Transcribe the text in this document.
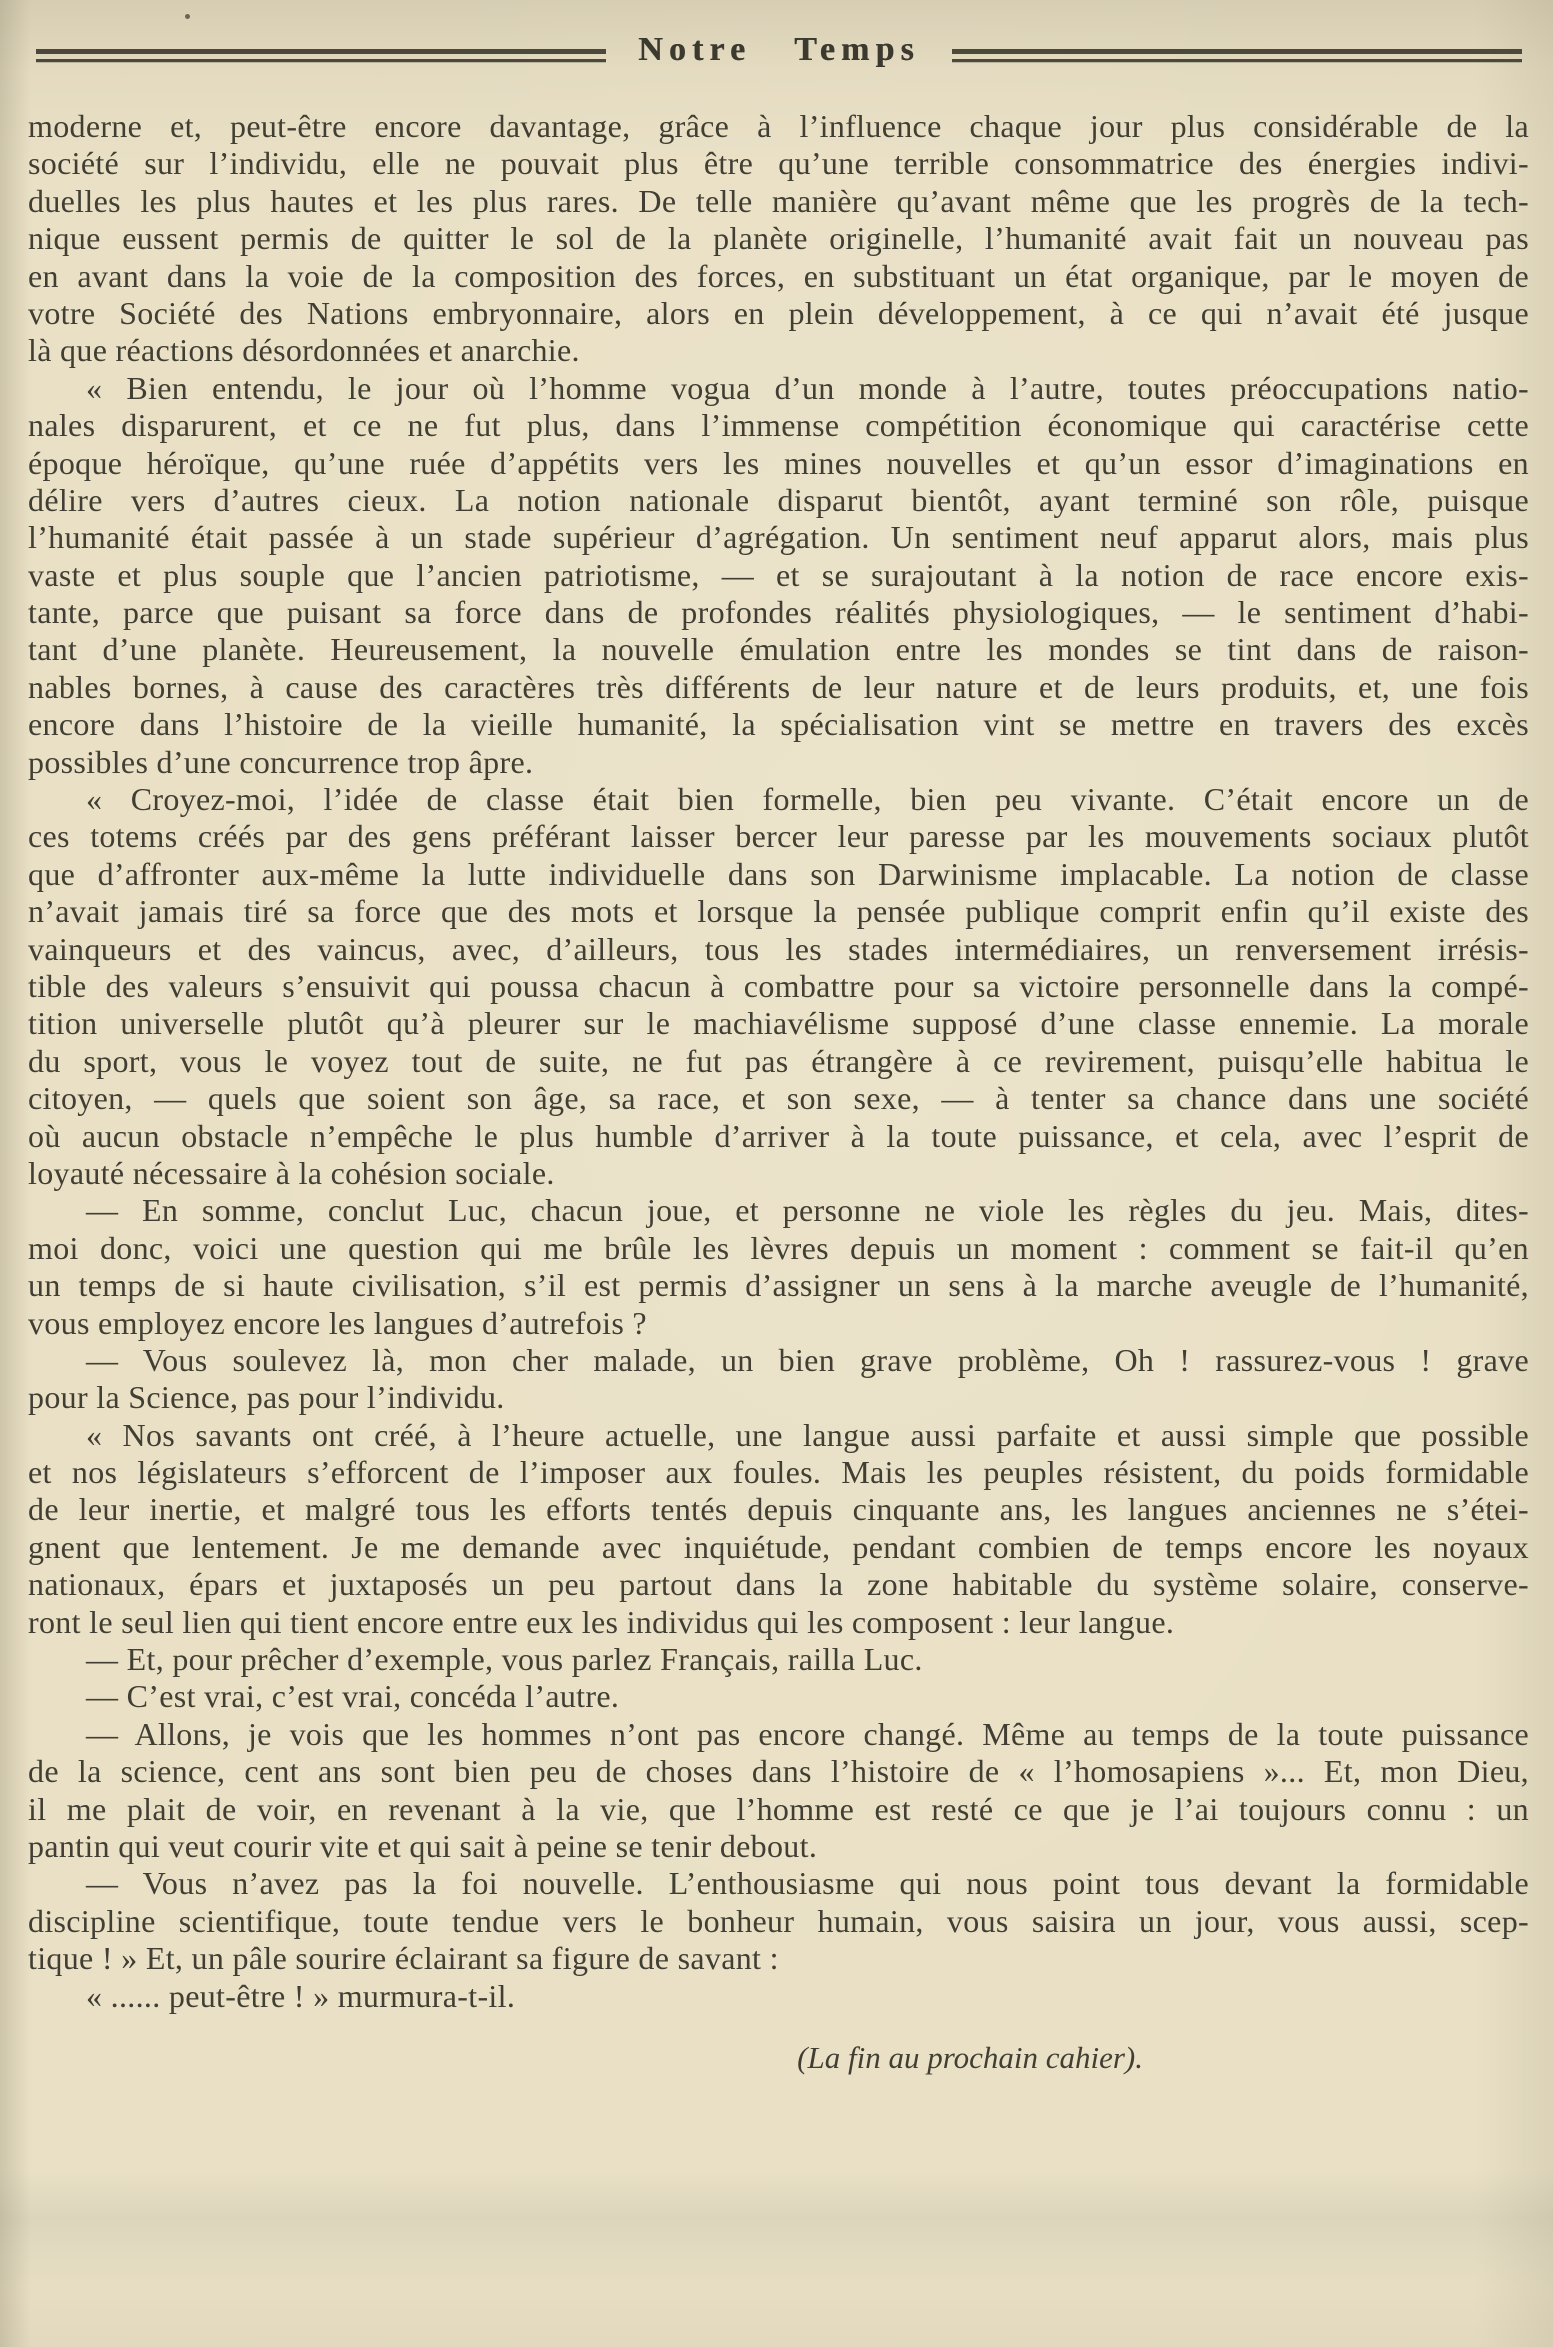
Notre Temps
moderne et, peut-être encore davantage, grâce à l’influence chaque jour plus considérable de la
société sur l’individu, elle ne pouvait plus être qu’une terrible consommatrice des énergies indivi-
duelles les plus hautes et les plus rares. De telle manière qu’avant même que les progrès de la tech-
nique eussent permis de quitter le sol de la planète originelle, l’humanité avait fait un nouveau pas
en avant dans la voie de la composition des forces, en substituant un état organique, par le moyen de
votre Société des Nations embryonnaire, alors en plein développement, à ce qui n’avait été jusque
là que réactions désordonnées et anarchie.
« Bien entendu, le jour où l’homme vogua d’un monde à l’autre, toutes préoccupations natio-
nales disparurent, et ce ne fut plus, dans l’immense compétition économique qui caractérise cette
époque héroïque, qu’une ruée d’appétits vers les mines nouvelles et qu’un essor d’imaginations en
délire vers d’autres cieux. La notion nationale disparut bientôt, ayant terminé son rôle, puisque
l’humanité était passée à un stade supérieur d’agrégation. Un sentiment neuf apparut alors, mais plus
vaste et plus souple que l’ancien patriotisme, — et se surajoutant à la notion de race encore exis-
tante, parce que puisant sa force dans de profondes réalités physiologiques, — le sentiment d’habi-
tant d’une planète. Heureusement, la nouvelle émulation entre les mondes se tint dans de raison-
nables bornes, à cause des caractères très différents de leur nature et de leurs produits, et, une fois
encore dans l’histoire de la vieille humanité, la spécialisation vint se mettre en travers des excès
possibles d’une concurrence trop âpre.
« Croyez-moi, l’idée de classe était bien formelle, bien peu vivante. C’était encore un de
ces totems créés par des gens préférant laisser bercer leur paresse par les mouvements sociaux plutôt
que d’affronter aux-même la lutte individuelle dans son Darwinisme implacable. La notion de classe
n’avait jamais tiré sa force que des mots et lorsque la pensée publique comprit enfin qu’il existe des
vainqueurs et des vaincus, avec, d’ailleurs, tous les stades intermédiaires, un renversement irrésis-
tible des valeurs s’ensuivit qui poussa chacun à combattre pour sa victoire personnelle dans la compé-
tition universelle plutôt qu’à pleurer sur le machiavélisme supposé d’une classe ennemie. La morale
du sport, vous le voyez tout de suite, ne fut pas étrangère à ce revirement, puisqu’elle habitua le
citoyen, — quels que soient son âge, sa race, et son sexe, — à tenter sa chance dans une société
où aucun obstacle n’empêche le plus humble d’arriver à la toute puissance, et cela, avec l’esprit de
loyauté nécessaire à la cohésion sociale.
— En somme, conclut Luc, chacun joue, et personne ne viole les règles du jeu. Mais, dites-
moi donc, voici une question qui me brûle les lèvres depuis un moment : comment se fait-il qu’en
un temps de si haute civilisation, s’il est permis d’assigner un sens à la marche aveugle de l’humanité,
vous employez encore les langues d’autrefois ?
— Vous soulevez là, mon cher malade, un bien grave problème, Oh ! rassurez-vous ! grave
pour la Science, pas pour l’individu.
« Nos savants ont créé, à l’heure actuelle, une langue aussi parfaite et aussi simple que possible
et nos législateurs s’efforcent de l’imposer aux foules. Mais les peuples résistent, du poids formidable
de leur inertie, et malgré tous les efforts tentés depuis cinquante ans, les langues anciennes ne s’étei-
gnent que lentement. Je me demande avec inquiétude, pendant combien de temps encore les noyaux
nationaux, épars et juxtaposés un peu partout dans la zone habitable du système solaire, conserve-
ront le seul lien qui tient encore entre eux les individus qui les composent : leur langue.
— Et, pour prêcher d’exemple, vous parlez Français, railla Luc.
— C’est vrai, c’est vrai, concéda l’autre.
— Allons, je vois que les hommes n’ont pas encore changé. Même au temps de la toute puissance
de la science, cent ans sont bien peu de choses dans l’histoire de « l’homosapiens »... Et, mon Dieu,
il me plait de voir, en revenant à la vie, que l’homme est resté ce que je l’ai toujours connu : un
pantin qui veut courir vite et qui sait à peine se tenir debout.
— Vous n’avez pas la foi nouvelle. L’enthousiasme qui nous point tous devant la formidable
discipline scientifique, toute tendue vers le bonheur humain, vous saisira un jour, vous aussi, scep-
tique ! » Et, un pâle sourire éclairant sa figure de savant :
« ...... peut-être ! » murmura-t-il.
(La fin au prochain cahier).
